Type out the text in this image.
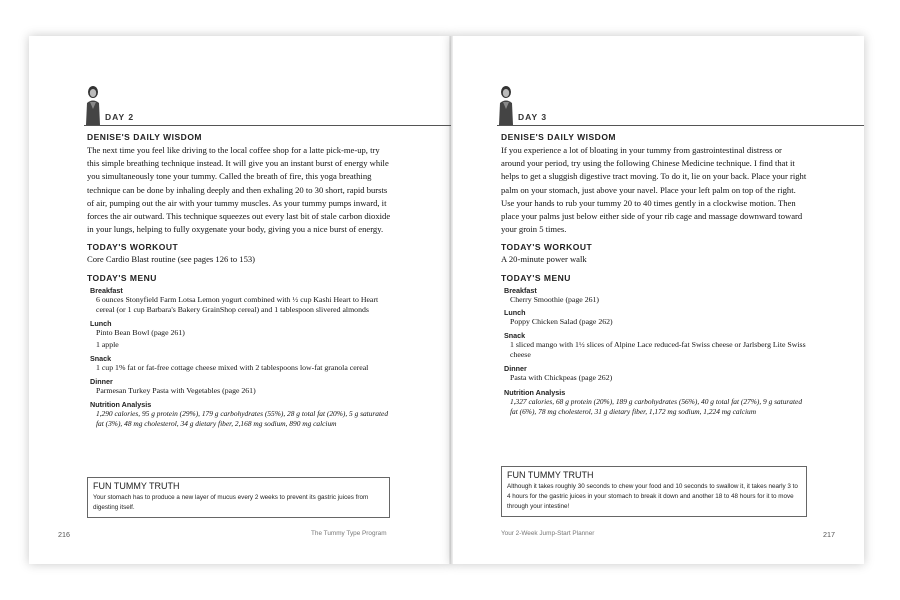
DAY 2
DENISE'S DAILY WISDOM

The next time you feel like driving to the local coffee shop for a latte pick-me-up, try this simple breathing technique instead. It will give you an instant burst of energy while you simultaneously tone your tummy. Called the breath of fire, this yoga breathing technique can be done by inhaling deeply and then exhaling 20 to 30 short, rapid bursts of air, pumping out the air with your tummy muscles. As your tummy pumps inward, it forces the air outward. This technique squeezes out every last bit of stale carbon dioxide in your lungs, helping to fully oxygenate your body, giving you a nice burst of energy.

TODAY'S WORKOUT

Core Cardio Blast routine (see pages 126 to 153)

TODAY'S MENU
Breakfast

6 ounces Stonyfield Farm Lotsa Lemon yogurt combined with ½ cup Kashi Heart to Heart cereal (or 1 cup Barbara's Bakery GrainShop cereal) and 1 tablespoon slivered almonds

Lunch

Pinto Bean Bowl (page 261)

1 apple

Snack

1 cup 1% fat or fat-free cottage cheese mixed with 2 tablespoons low-fat granola cereal

Dinner

Parmesan Turkey Pasta with Vegetables (page 261)

Nutrition Analysis

1,290 calories, 95 g protein (29%), 179 g carbohydrates (55%), 28 g total fat (20%), 5 g saturated fat (3%), 48 mg cholesterol, 34 g dietary fiber, 2,168 mg sodium, 890 mg calcium

FUN TUMMY TRUTH

Your stomach has to produce a new layer of mucus every 2 weeks to prevent its gastric juices from digesting itself.

216	The Tummy Type Program
DAY 3
DENISE'S DAILY WISDOM

If you experience a lot of bloating in your tummy from gastrointestinal distress or around your period, try using the following Chinese Medicine technique. I find that it helps to get a sluggish digestive tract moving. To do it, lie on your back. Place your right palm on your stomach, just above your navel. Place your left palm on top of the right. Use your hands to rub your tummy 20 to 40 times gently in a clockwise motion. Then place your palms just below either side of your rib cage and massage downward toward your groin 5 times.

TODAY'S WORKOUT

A 20-minute power walk

TODAY'S MENU
Breakfast

Cherry Smoothie (page 261)

Lunch

Poppy Chicken Salad (page 262)

Snack

1 sliced mango with 1½ slices of Alpine Lace reduced-fat Swiss cheese or Jarlsberg Lite Swiss cheese

Dinner

Pasta with Chickpeas (page 262)

Nutrition Analysis

1,327 calories, 68 g protein (20%), 189 g carbohydrates (56%), 40 g total fat (27%), 9 g saturated fat (6%), 78 mg cholesterol, 31 g dietary fiber, 1,172 mg sodium, 1,224 mg calcium

FUN TUMMY TRUTH

Although it takes roughly 30 seconds to chew your food and 10 seconds to swallow it, it takes nearly 3 to 4 hours for the gastric juices in your stomach to break it down and another 18 to 48 hours for it to move through your intestine!

Your 2-Week Jump-Start Planner	217
